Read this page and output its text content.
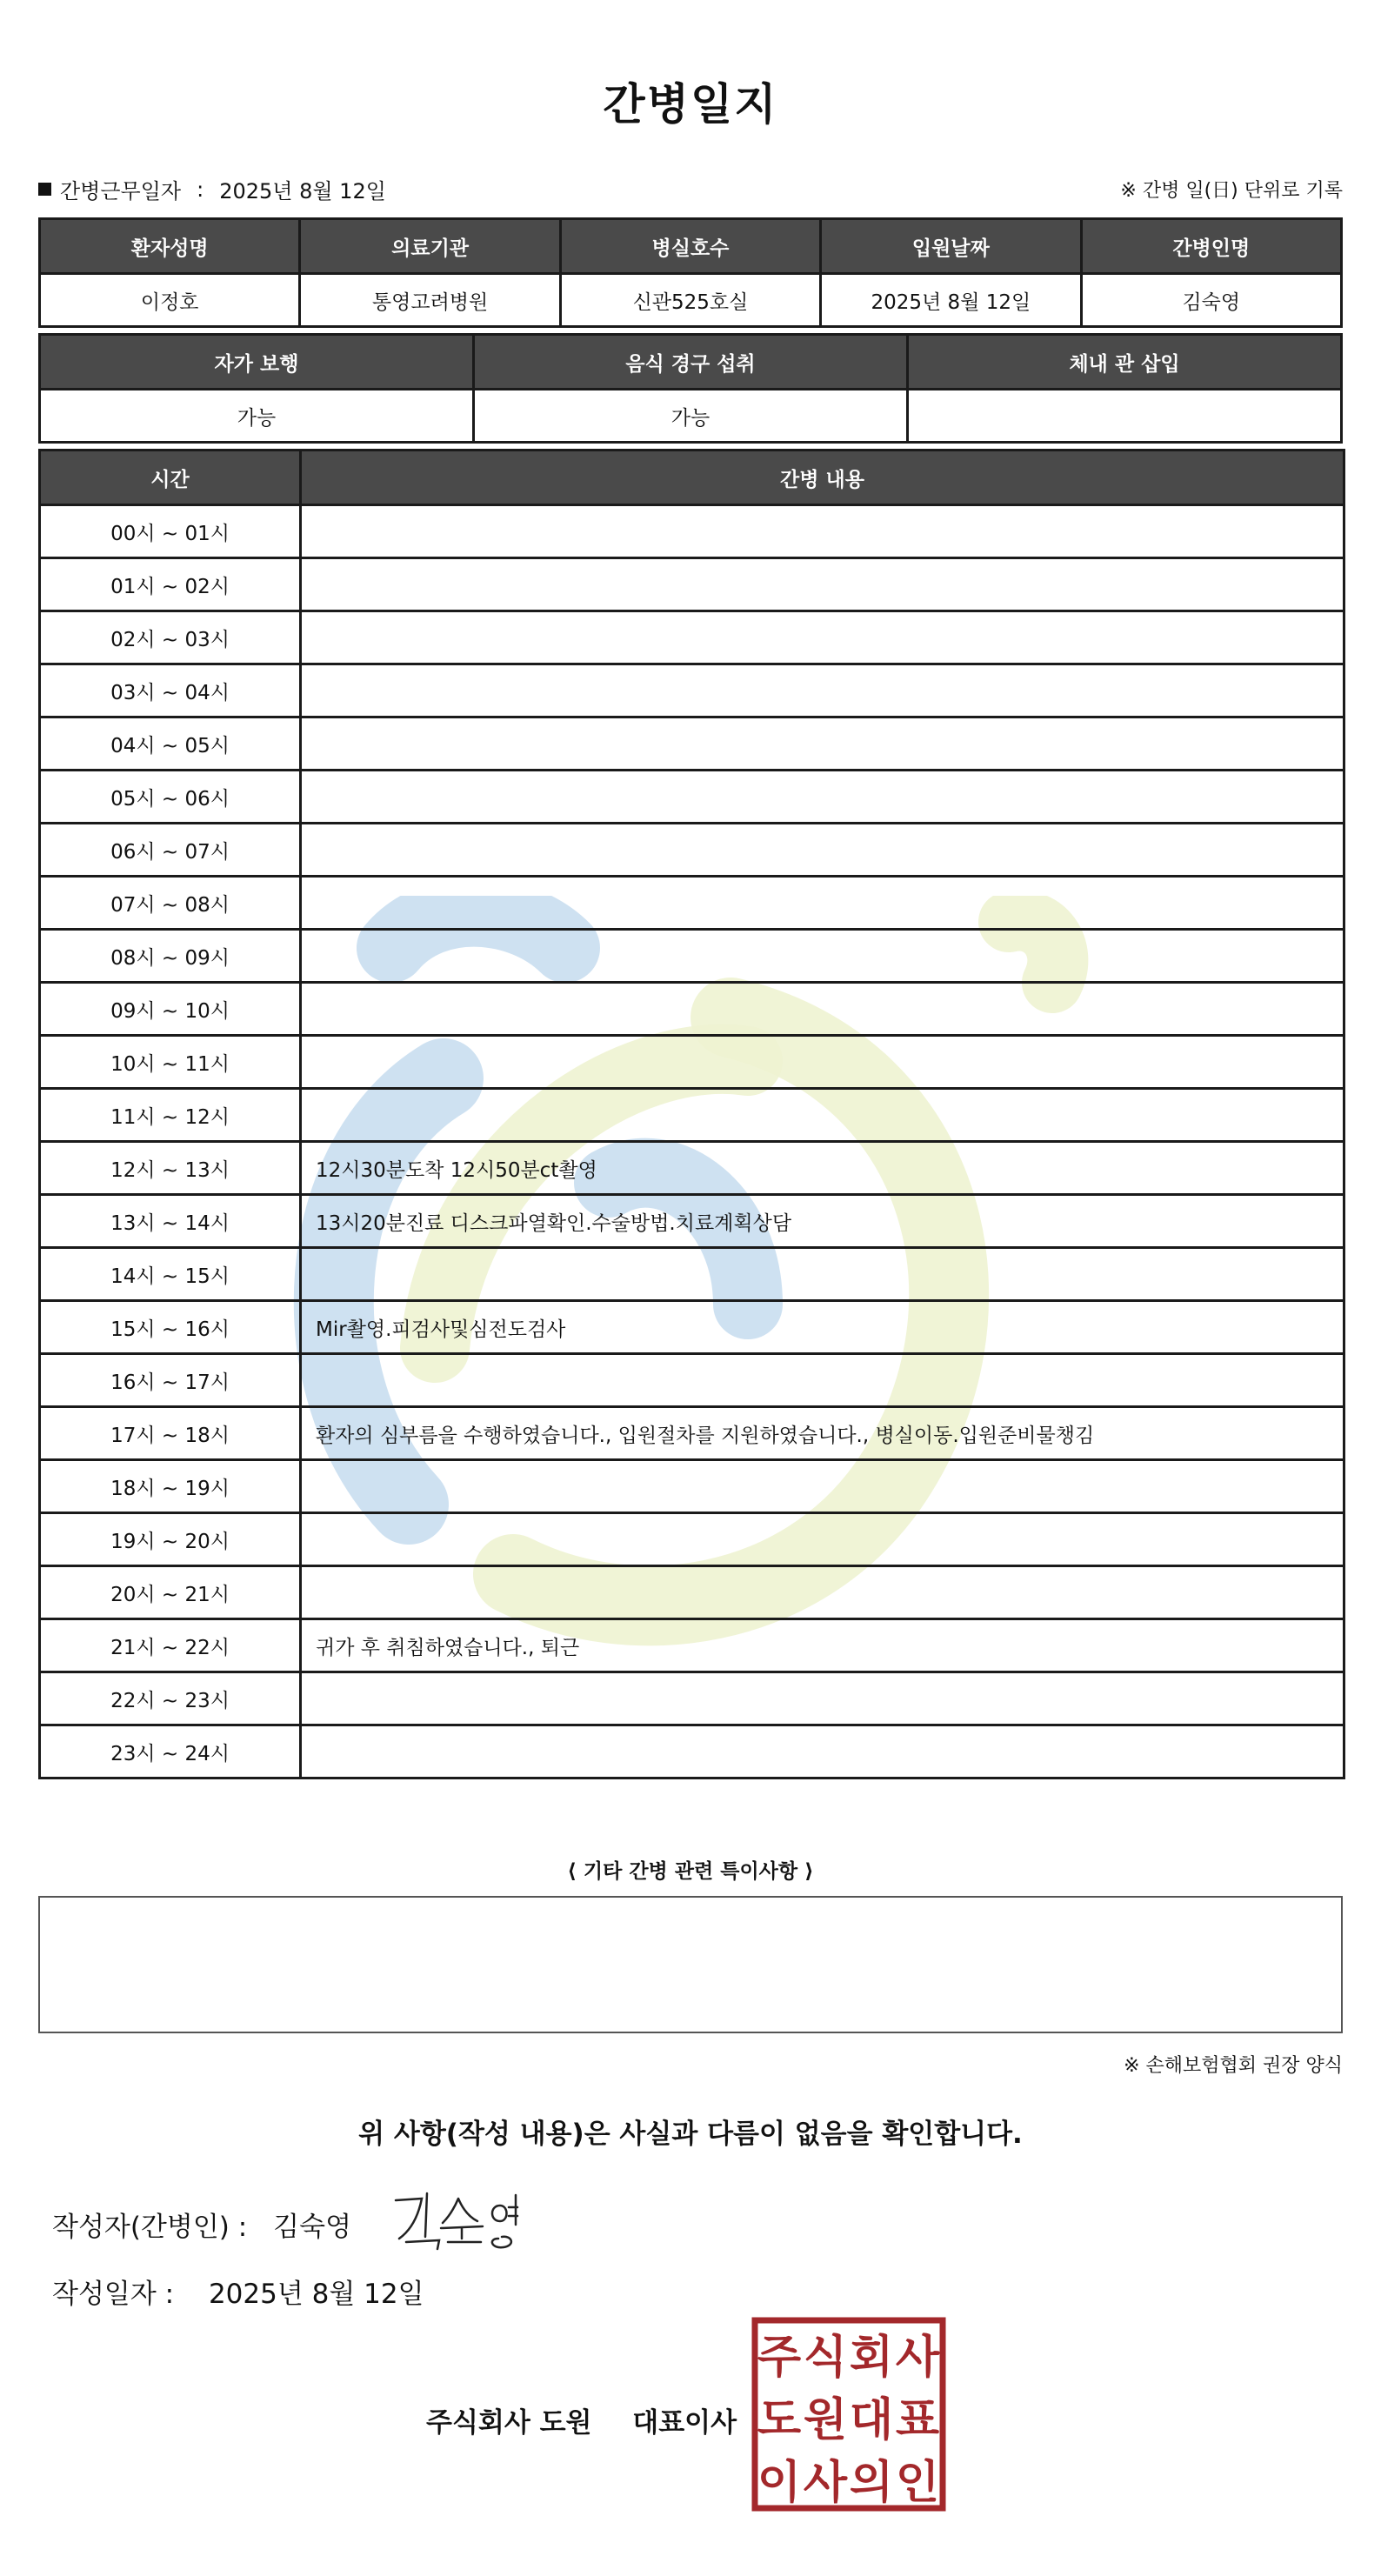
간병일지
간병근무일자 : 2025년 8월 12일	※ 간병 일(日) 단위로 기록
환자성명	의료기관	병실호수	입원날짜	간병인명
이정호	통영고려병원	신관525호실	2025년 8월 12일	김숙영
자가 보행	음식 경구 섭취	체내 관 삽입
가능	가능	
시간	간병 내용
00시 ~ 01시	
01시 ~ 02시	
02시 ~ 03시	
03시 ~ 04시	
04시 ~ 05시	
05시 ~ 06시	
06시 ~ 07시	
07시 ~ 08시	
08시 ~ 09시	
09시 ~ 10시	
10시 ~ 11시	
11시 ~ 12시	
12시 ~ 13시	12시30분도착 12시50분ct촬영
13시 ~ 14시	13시20분진료 디스크파열확인.수술방법.치료계획상담
14시 ~ 15시	
15시 ~ 16시	Mir촬영.피검사및심전도검사
16시 ~ 17시	
17시 ~ 18시	환자의 심부름을 수행하였습니다., 입원절차를 지원하였습니다., 병실이동.입원준비물챙김
18시 ~ 19시	
19시 ~ 20시	
20시 ~ 21시	
21시 ~ 22시	귀가 후 취침하였습니다., 퇴근
22시 ~ 23시	
23시 ~ 24시	
⟨ 기타 간병 관련 특이사항 ⟩
※ 손해보험협회 권장 양식
위 사항(작성 내용)은 사실과 다름이 없음을 확인합니다.
작성자(간병인) : 김숙영
작성일자 : 2025년 8월 12일
주식회사 도원 대표이사
주 식 회 사
도 원 대 표
이 사 의 인
